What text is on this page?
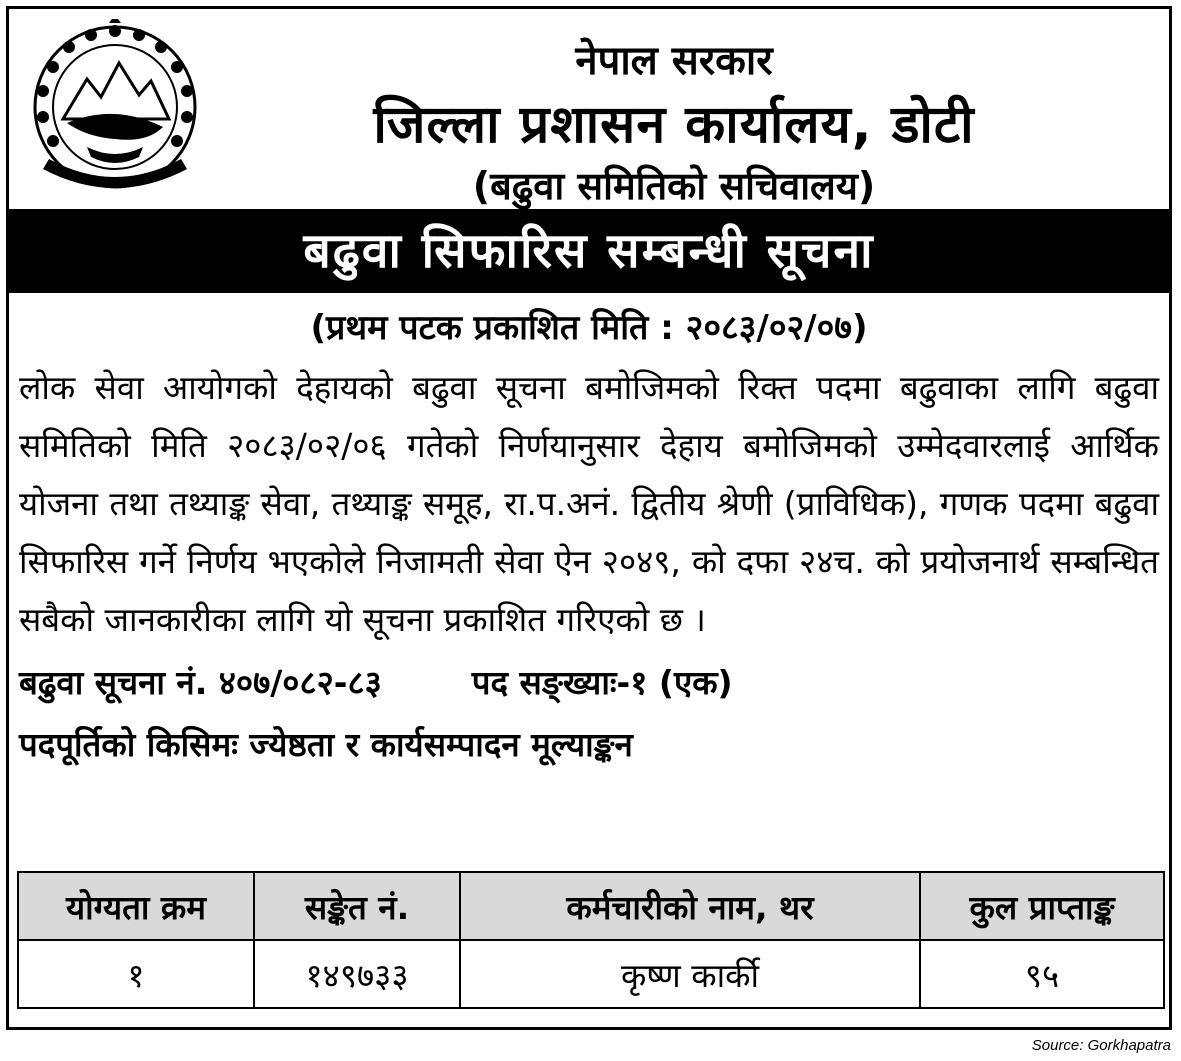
नेपाल सरकार
जिल्ला प्रशासन कार्यालय, डोटी
(बढुवा समितिको सचिवालय)
बढुवा सिफारिस सम्बन्धी सूचना
(प्रथम पटक प्रकाशित मिति : २०८३/०२/०७)
लोक सेवा आयोगको देहायको बढुवा सूचना बमोजिमको रिक्त पदमा बढुवाका लागि बढुवा समितिको मिति २०८३/०२/०६ गतेको निर्णयानुसार देहाय बमोजिमको उम्मेदवारलाई आर्थिक योजना तथा तथ्याङ्क सेवा, तथ्याङ्क समूह, रा.प.अनं. द्वितीय श्रेणी (प्राविधिक), गणक पदमा बढुवा सिफारिस गर्ने निर्णय भएकोले निजामती सेवा ऐन २०४९, को दफा २४च. को प्रयोजनार्थ सम्बन्धित सबैको जानकारीका लागि यो सूचना प्रकाशित गरिएको छ ।
बढुवा सूचना नं. ४०७/०८२-८३	पद सङ्ख्याः-१ (एक)
पदपूर्तिको किसिमः ज्येष्ठता र कार्यसम्पादन मूल्याङ्कन
योग्यता क्रम	सङ्केत नं.	कर्मचारीको नाम, थर	कुल प्राप्ताङ्क
१	१४९७३३	कृष्ण कार्की	९५
Source: Gorkhapatra
